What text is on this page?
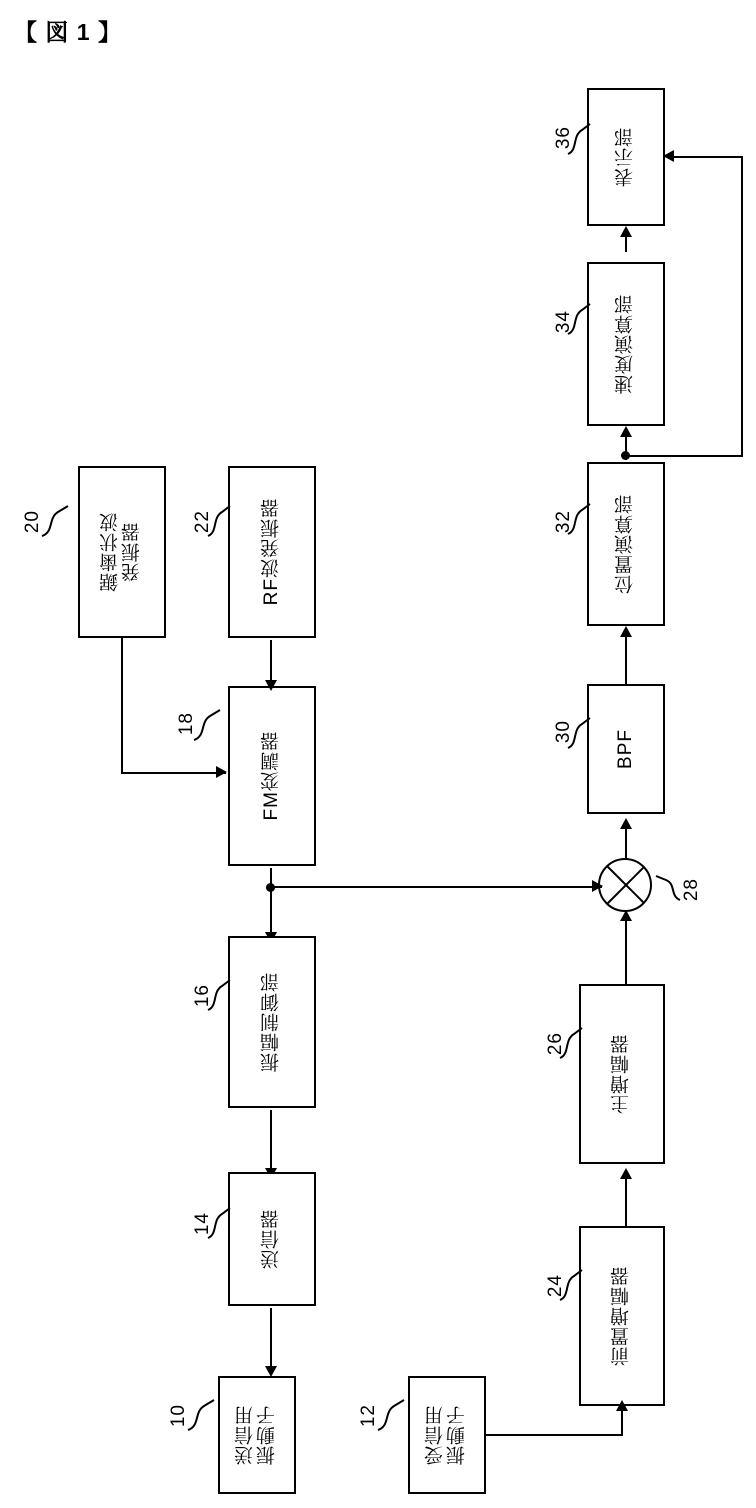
【 図 1 】
表示部
36
速度演算部
34
位置演算部
32
BPF
30
28
主増幅器
26
前置増幅器
24
受信用
振動子
12
鋸歯状波
発振器
20	RF波発振器
22
FM変調器
18
振幅制御部
16
送信器
14
送信用
振動子
10
